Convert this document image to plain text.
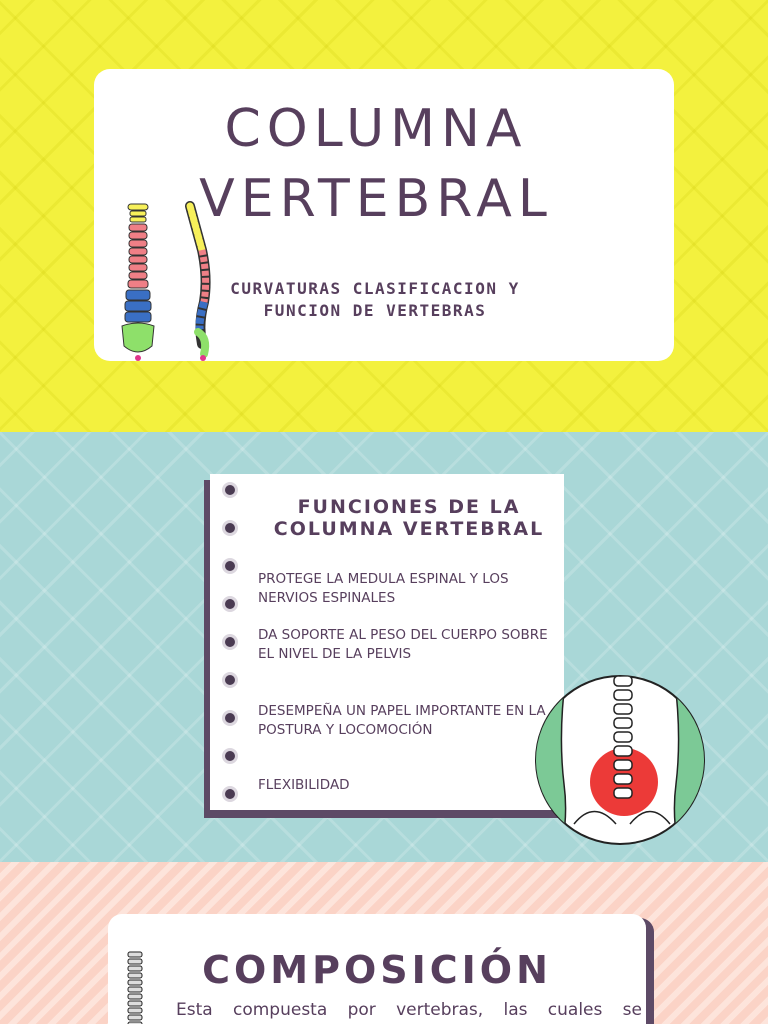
COLUMNA VERTEBRAL

CURVATURAS CLASIFICACION Y FUNCION DE VERTEBRAS

FUNCIONES DE LA COLUMNA VERTEBRAL

PROTEGE LA MEDULA ESPINAL Y LOS NERVIOS ESPINALES

DA SOPORTE AL PESO DEL CUERPO SOBRE EL NIVEL DE LA PELVIS

DESEMPEÑA UN PAPEL IMPORTANTE EN LA POSTURA Y LOCOMOCIÓN

FLEXIBILIDAD

COMPOSICIÓN

Esta compuesta por vertebras, las cuales se
